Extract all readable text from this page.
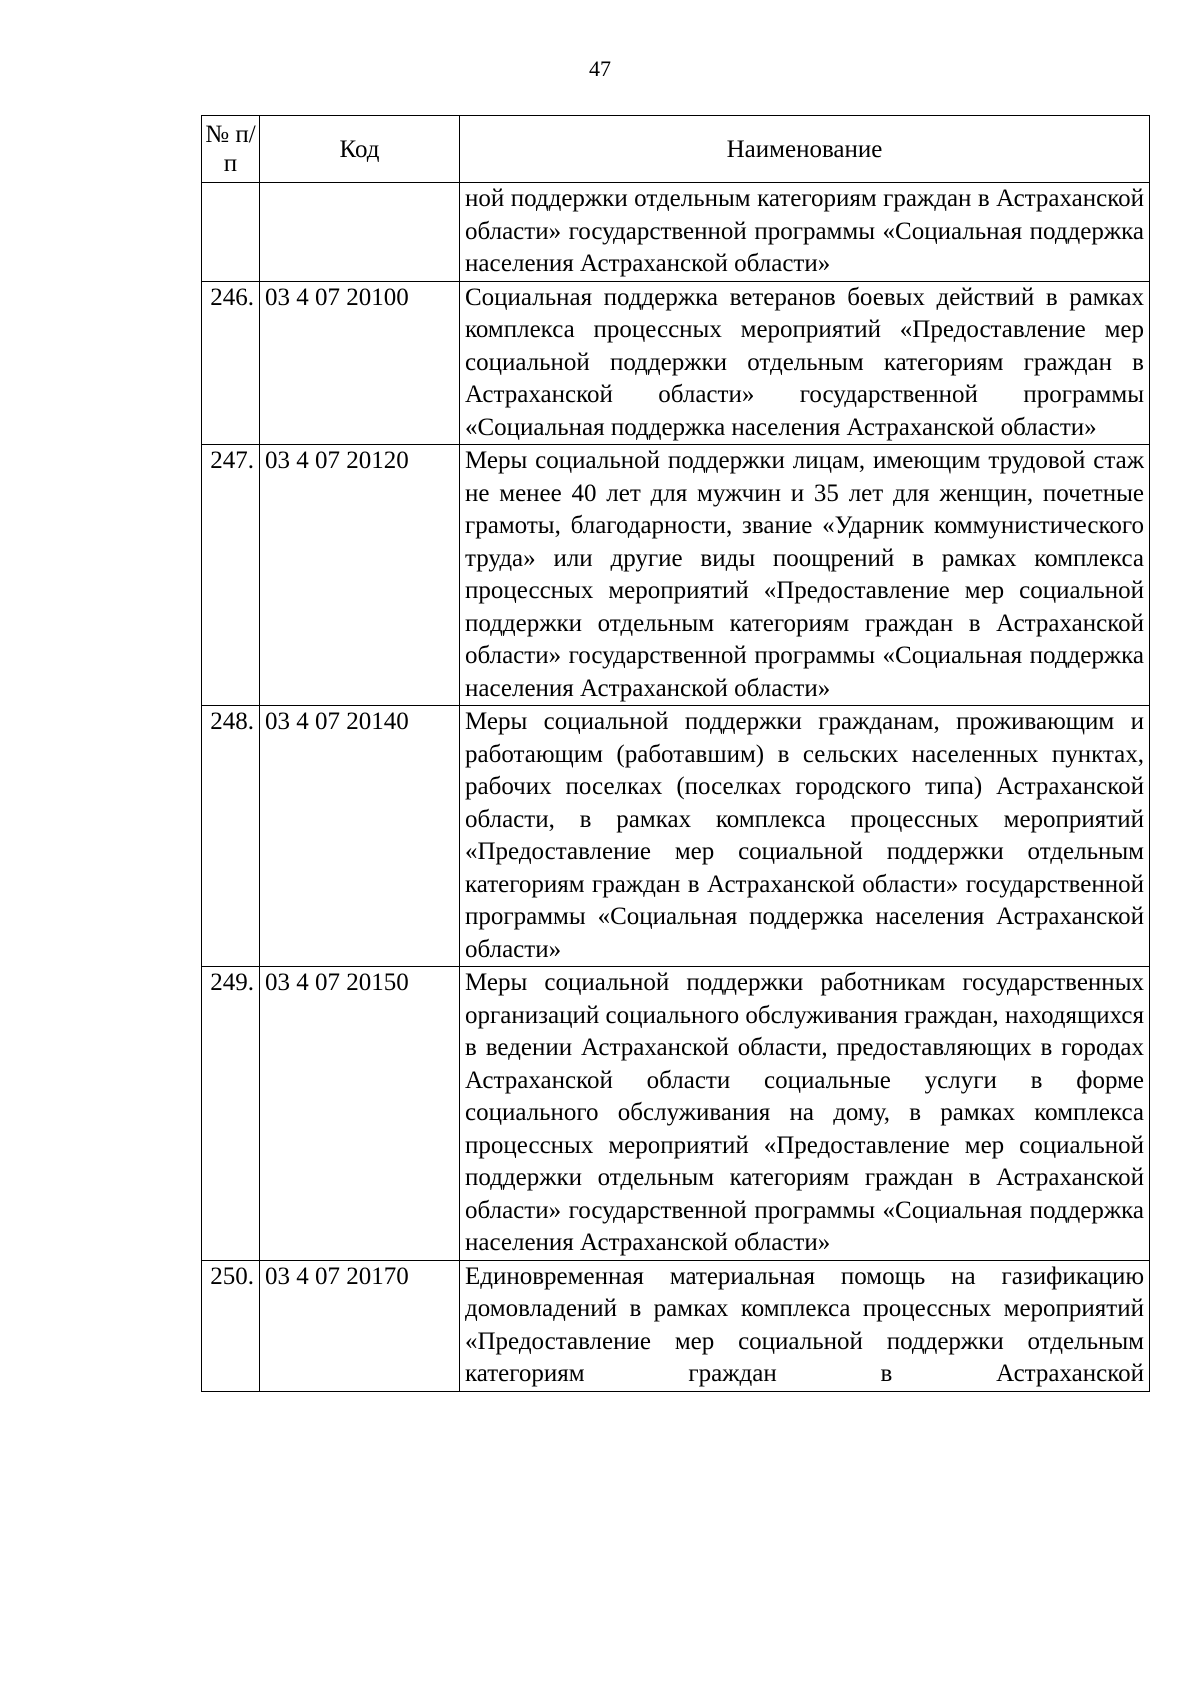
47
№ п/п	Код	Наименование
		ной поддержки отдельным категориям граждан в Астраханской области» государственной программы «Социальная поддержка населения Астраханской области»
246.	03 4 07 20100	Социальная поддержка ветеранов боевых действий в рамках комплекса процессных мероприятий «Предоставление мер социальной поддержки отдельным категориям граждан в Астраханской области» государственной программы «Социальная поддержка населения Астраханской области»
247.	03 4 07 20120	Меры социальной поддержки лицам, имеющим трудовой стаж не менее 40 лет для мужчин и 35 лет для женщин, почетные грамоты, благодарности, звание «Ударник коммунистического труда» или другие виды поощрений в рамках комплекса процессных мероприятий «Предоставление мер социальной поддержки отдельным категориям граждан в Астраханской области» государственной программы «Социальная поддержка населения Астраханской области»
248.	03 4 07 20140	Меры социальной поддержки гражданам, проживающим и работающим (работавшим) в сельских населенных пунктах, рабочих поселках (поселках городского типа) Астраханской области, в рамках комплекса процессных мероприятий «Предоставление мер социальной поддержки отдельным категориям граждан в Астраханской области» государственной программы «Социальная поддержка населения Астраханской области»
249.	03 4 07 20150	Меры социальной поддержки работникам государственных организаций социального обслуживания граждан, находящихся в ведении Астраханской области, предоставляющих в городах Астраханской области социальные услуги в форме социального обслуживания на дому, в рамках комплекса процессных мероприятий «Предоставление мер социальной поддержки отдельным категориям граждан в Астраханской области» государственной программы «Социальная поддержка населения Астраханской области»
250.	03 4 07 20170	Единовременная материальная помощь на газификацию домовладений в рамках комплекса процессных мероприятий «Предоставление мер социальной поддержки отдельным категориям граждан в Астраханской
